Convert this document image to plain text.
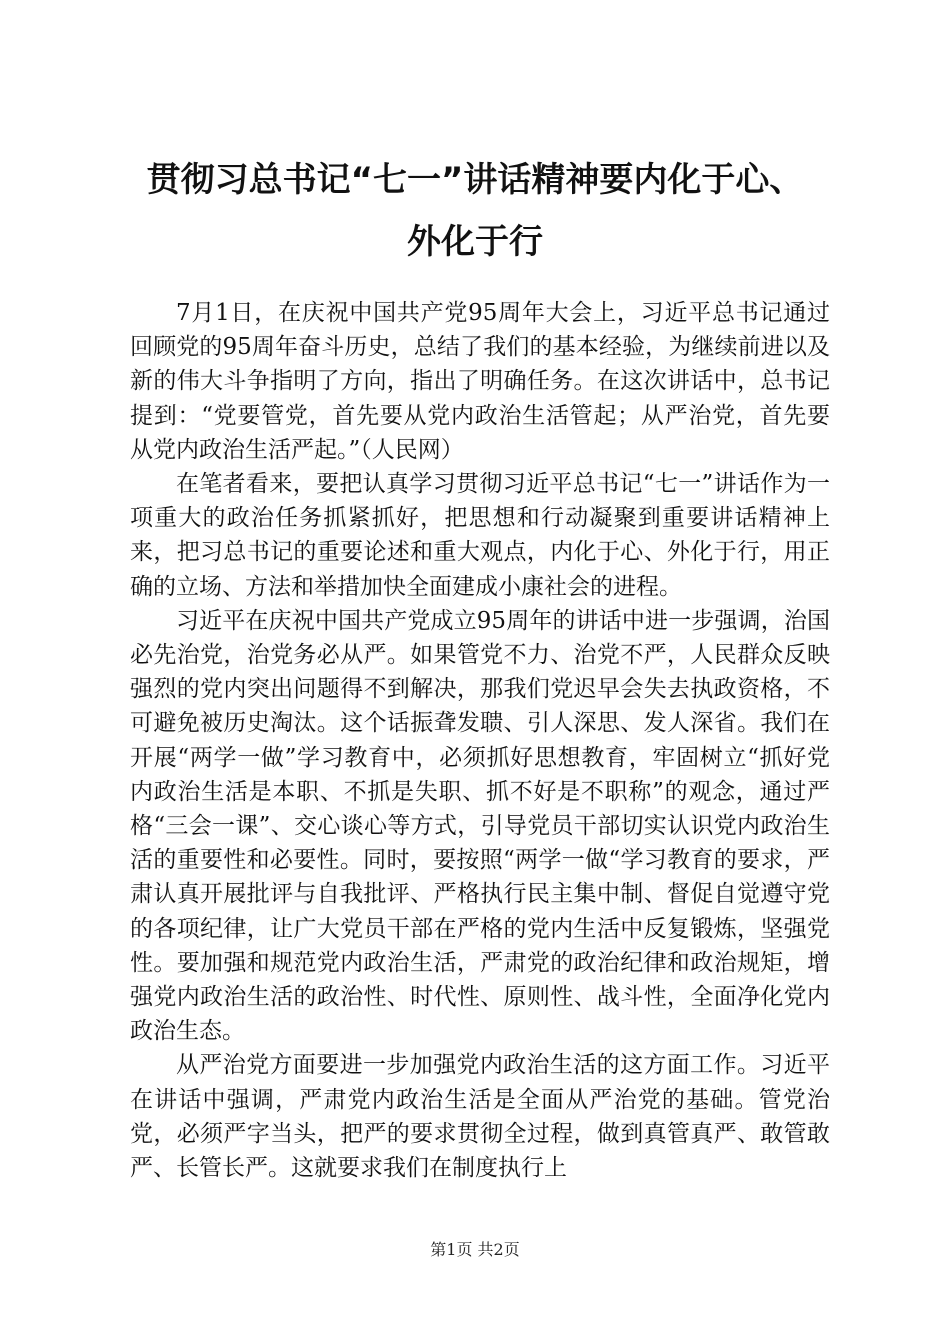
贯彻习总书记“七一”讲话精神要内化于心、
外化于行

7月1日，在庆祝中国共产党95周年大会上，习近平总书记通过回顾党的95周年奋斗历史，总结了我们的基本经验，为继续前进以及新的伟大斗争指明了方向，指出了明确任务。在这次讲话中，总书记提到：“党要管党，首先要从党内政治生活管起；从严治党，首先要从党内政治生活严起。”（人民网）

在笔者看来，要把认真学习贯彻习近平总书记“七一”讲话作为一项重大的政治任务抓紧抓好，把思想和行动凝聚到重要讲话精神上来，把习总书记的重要论述和重大观点，内化于心、外化于行，用正确的立场、方法和举措加快全面建成小康社会的进程。

习近平在庆祝中国共产党成立95周年的讲话中进一步强调，治国必先治党，治党务必从严。如果管党不力、治党不严，人民群众反映强烈的党内突出问题得不到解决，那我们党迟早会失去执政资格，不可避免被历史淘汰。这个话振聋发聩、引人深思、发人深省。我们在开展“两学一做”学习教育中，必须抓好思想教育，牢固树立“抓好党内政治生活是本职、不抓是失职、抓不好是不职称”的观念，通过严格“三会一课”、交心谈心等方式，引导党员干部切实认识党内政治生活的重要性和必要性。同时，要按照“两学一做“学习教育的要求，严肃认真开展批评与自我批评、严格执行民主集中制、督促自觉遵守党的各项纪律，让广大党员干部在严格的党内生活中反复锻炼，坚强党性。要加强和规范党内政治生活，严肃党的政治纪律和政治规矩，增强党内政治生活的政治性、时代性、原则性、战斗性，全面净化党内政治生态。

从严治党方面要进一步加强党内政治生活的这方面工作。习近平在讲话中强调，严肃党内政治生活是全面从严治党的基础。管党治党，必须严字当头，把严的要求贯彻全过程，做到真管真严、敢管敢严、长管长严。这就要求我们在制度执行上

第1页 共2页
